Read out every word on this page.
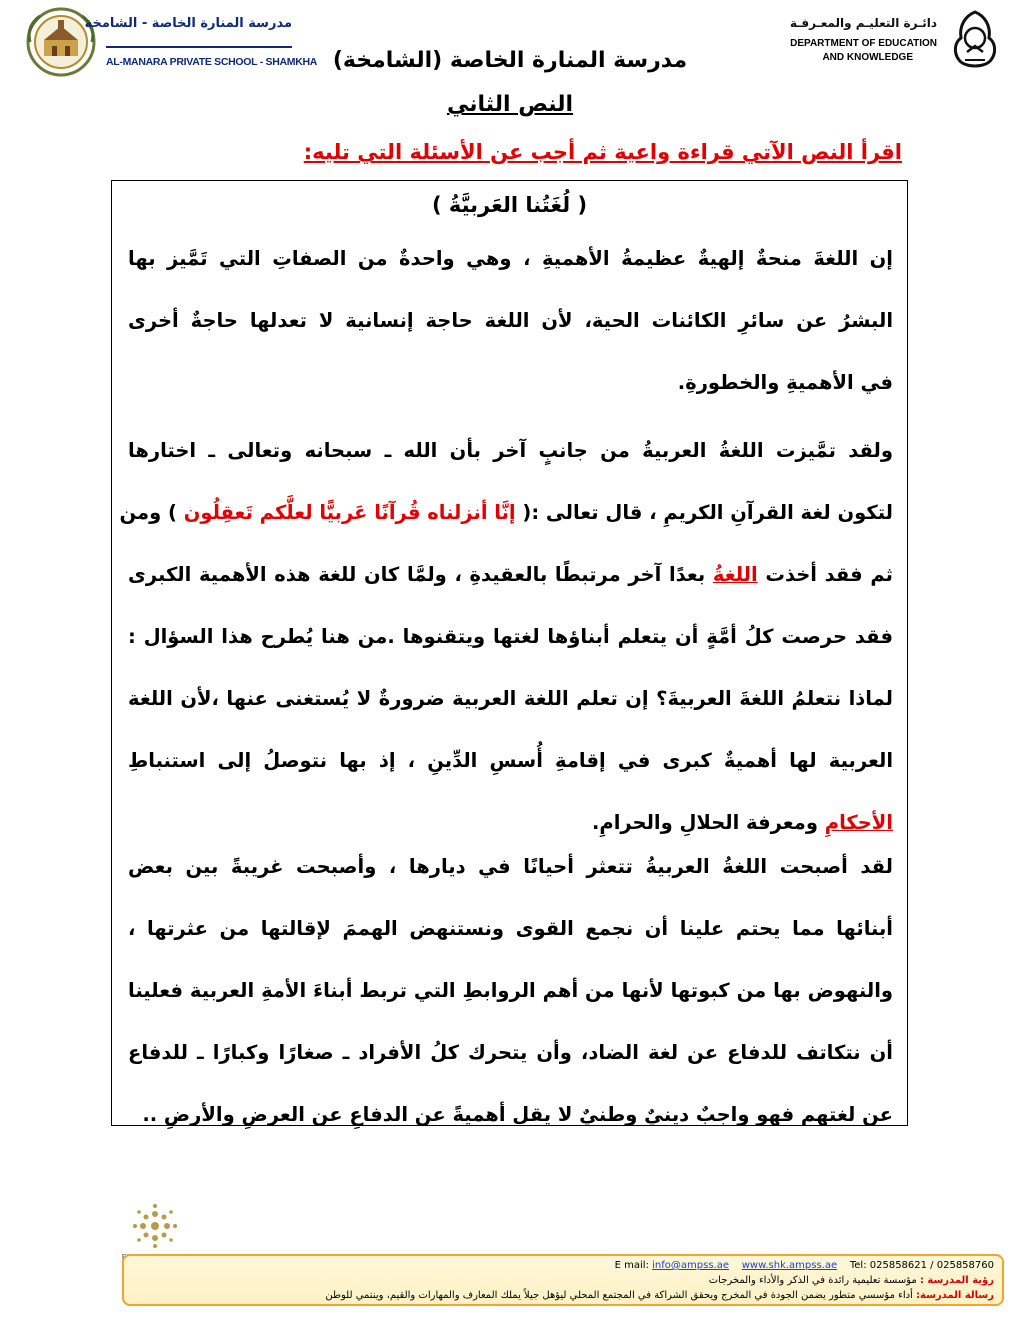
مدرسة المنارة الخاصة - الشامخة
AL-MANARA PRIVATE SCHOOL - SHAMKHA
دائـرة التعليـم والمعـرفـة
DEPARTMENT OF EDUCATION
AND KNOWLEDGE
مدرسة المنارة الخاصة (الشامخة)
النص الثاني
اقرأ النص الآتي قراءة واعية ثم أجب عن الأسئلة التي تليه:
( لُغَتُنا العَربيَّةُ )
إن اللغةَ منحةٌ إلهيةٌ عظيمةُ الأهميةِ ، وهي واحدةٌ من الصفاتِ التي تَمَّيز بها
البشرُ عن سائرِ الكائنات الحية، لأن اللغة حاجة إنسانية لا تعدلها حاجةٌ أخرى
في الأهميةِ والخطورةِ.
ولقد تمَّيزت اللغةُ العربيةُ من جانبٍ آخر بأن الله ـ سبحانه وتعالى ـ اختارها
لتكون لغة القرآنِ الكريمِ ، قال تعالى :( إنَّا أنزلناه قُرآنًا عَربيًّا لعلَّكم تَعقِلُون ) ومن
ثم فقد أخذت اللغةُ بعدًا آخر مرتبطًا بالعقيدةِ ، ولمَّا كان للغة هذه الأهمية الكبرى
فقد حرصت كلُ أمَّةٍ أن يتعلم أبناؤها لغتها ويتقنوها .من هنا يُطرح هذا السؤال :
لماذا نتعلمُ اللغةَ العربيةَ؟ إن تعلم اللغة العربية ضرورةٌ لا يُستغنى عنها ،لأن اللغة
العربية لها أهميةٌ كبرى في إقامةِ أُسسِ الدِّينِ ، إذ بها نتوصلُ إلى استنباطِ
الأحكامِ ومعرفة الحلالِ والحرامِ.
لقد أصبحت اللغةُ العربيةُ تتعثر أحيانًا في ديارها ، وأصبحت غريبةً بين بعض
أبنائها مما يحتم علينا أن نجمع القوى ونستنهض الهممَ لإقالتها من عثرتها ،
والنهوض بها من كبوتها لأنها من أهم الروابطِ التي تربط أبناءَ الأمةِ العربية فعلينا
أن نتكاتف للدفاع عن لغة الضاد، وأن يتحرك كلُ الأفراد ـ صغارًا وكبارًا ـ للدفاع
عن لغتهم فهو واجبٌ دينيٌ وطنيٌ لا يقل أهميةً عن الدفاعِ عن العرضِ والأرضِ ..
E mail: info@ampss.ae www.shk.ampss.ae Tel: 025858621 / 025858760
رؤية المدرسة : مؤسسة تعليمية رائدة في الذكر والأداء والمخرجات
رسالة المدرسة: أداء مؤسسي متطور يضمن الجودة في المخرج ويحقق الشراكة في المجتمع المحلي ليؤهل جيلاً يملك المعارف والمهارات والقيم، وينتمي للوطن
